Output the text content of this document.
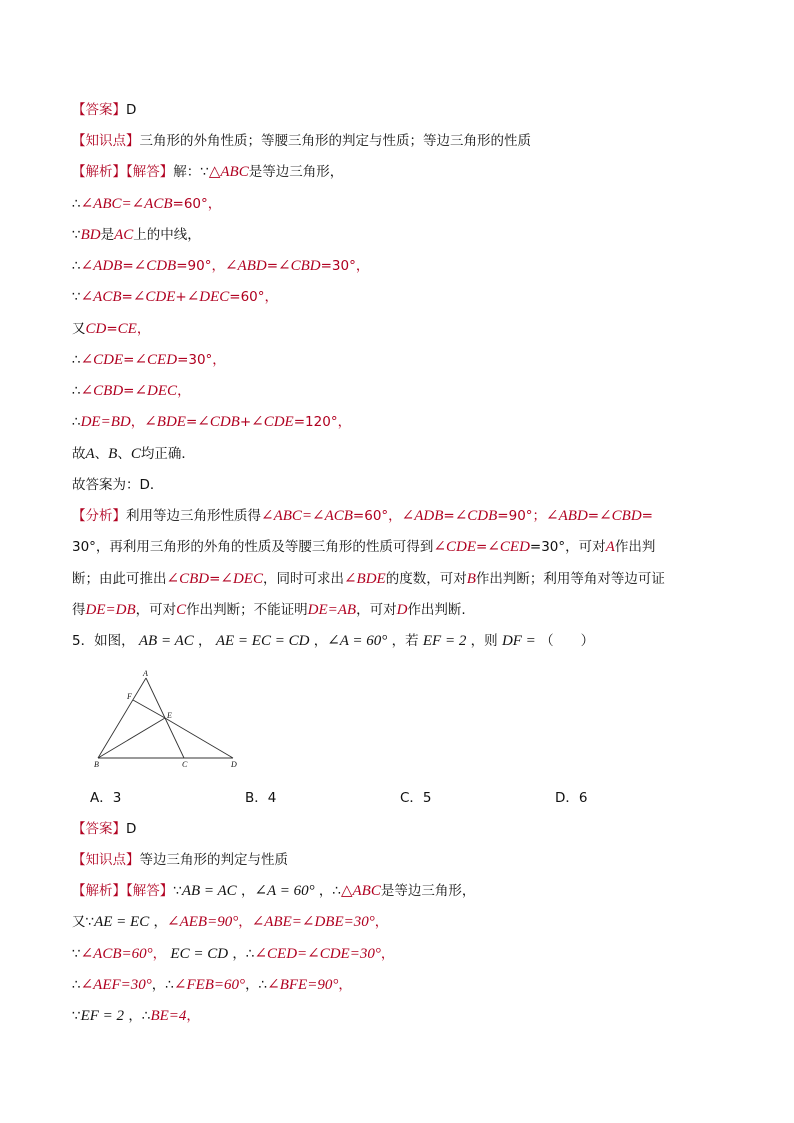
【答案】D
【知识点】三角形的外角性质；等腰三角形的判定与性质；等边三角形的性质
【解析】【解答】解：∵△ABC是等边三角形，
∴∠ABC=∠ACB=60°，
∵BD是AC上的中线，
∴∠ADB=∠CDB=90°，∠ABD=∠CBD=30°，
∵∠ACB=∠CDE+∠DEC=60°，
又CD=CE，
∴∠CDE=∠CED=30°，
∴∠CBD=∠DEC，
∴DE=BD，∠BDE=∠CDB+∠CDE=120°，
故A、B、C均正确．
故答案为：D．
【分析】利用等边三角形性质得∠ABC=∠ACB=60°，∠ADB=∠CDB=90°；∠ABD=∠CBD=
30°，再利用三角形的外角的性质及等腰三角形的性质可得到∠CDE=∠CED=30°，可对A作出判
断；由此可推出∠CBD=∠DEC，同时可求出∠BDE的度数，可对B作出判断；利用等角对等边可证
得DE=DB，可对C作出判断；不能证明DE=AB，可对D作出判断.
5．如图， AB = AC ， AE = EC = CD ，∠A = 60° ，若 EF = 2 ，则 DF = （　　）
A
F
E
B	C	D
A．3	B．4	C．5	D．6
【答案】D
【知识点】等边三角形的判定与性质
【解析】【解答】∵AB = AC ，∠A = 60° ，∴△ABC是等边三角形，
又∵AE = EC ，∠AEB=90°，∠ABE=∠DBE=30°，
∵∠ACB=60°， EC = CD ，∴∠CED=∠CDE=30°，
∴∠AEF=30°，∴∠FEB=60°，∴∠BFE=90°，
∵EF = 2 ，∴BE=4，
